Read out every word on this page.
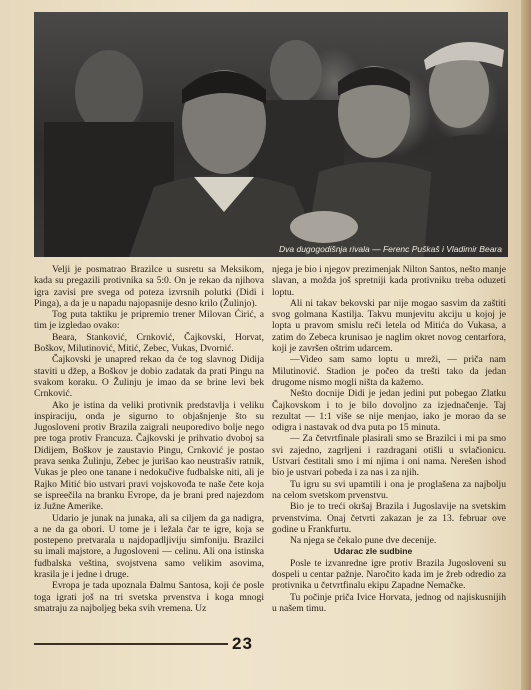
Dva dugogodišnja rivala — Ferenc Puškaš i Vladimir Beara

Velji je posmatrao Brazilce u susretu sa Meksikom, kada su pregazili protivnika sa 5:0. On je rekao da njihova igra zavisi pre svega od poteza izvrsnih polutki (Didi i Pinga), a da je u napadu najopasnije desno krilo (Žulinjo).

Tog puta taktiku je pripremio trener Milovan Ćirić, a tim je izgledao ovako:

Beara, Stanković, Crnković, Čajkovski, Horvat, Boškov, Milutinović, Mitić, Zebec, Vukas, Dvornić.

Čajkovski je unapred rekao da će tog slavnog Didija staviti u džep, a Boškov je dobio zadatak da prati Pingu na svakom koraku. O Žulinju je imao da se brine levi bek Crnković.

Ako je istina da veliki protivnik predstavlja i veliku inspiraciju, onda je sigurno to objašnjenje što su Jugosloveni protiv Brazila zaigrali neuporedivo bolje nego pre toga protiv Francuza. Čajkovski je prihvatio dvoboj sa Didijem, Boškov je zaustavio Pingu, Crnković je postao prava senka Žulinju, Zebec je jurišao kao neustrašiv ratnik, Vukas je pleo one tanane i nedokučive fudbalske niti, ali je Rajko Mitić bio ustvari pravi vojskovođa te naše čete koja se ispreečila na branku Evrope, da je brani pred najezdom iz Južne Amerike.

Udario je junak na junaka, ali sa ciljem da ga nadigra, a ne da ga obori. U tome je i ležala čar te igre, koja se postepeno pretvarala u najdopadljiviju simfoniju. Brazilci su imali majstore, a Jugosloveni — celinu. Ali ona istinska fudbalska veština, svojstvena samo velikim asovima, krasila je i jedne i druge.

Evropa je tada upoznala Đalmu Santosa, koji će posle toga igrati još na tri svetska prvenstva i koga mnogi smatraju za najboljeg beka svih vremena. Uz

njega je bio i njegov prezimenjak Nilton Santos, nešto manje slavan, a možda još spretniji kada protivniku treba oduzeti loptu.

Ali ni takav bekovski par nije mogao sasvim da zaštiti svog golmana Kastilja. Takvu munjevitu akciju u kojoj je lopta u pravom smislu reči letela od Mitića do Vukasa, a zatim do Zebeca krunisao je naglim okret novog centarfora, koji je završen oštrim udarcem.

—Video sam samo loptu u mreži, — priča nam Milutinović. Stadion je počeo da trešti tako da jedan drugome nismo mogli ništa da kažemo.

Nešto docnije Didi je jedan jedini put pobegao Zlatku Čajkovskom i to je bilo dovoljno za izjednačenje. Taj rezultat — 1:1 više se nije menjao, iako je morao da se odigra i nastavak od dva puta po 15 minuta.

— Za četvrtfinale plasirali smo se Brazilci i mi pa smo svi zajedno, zagrljeni i razdragani otišli u svlačionicu. Ustvari čestitali smo i mi njima i oni nama. Nerešen ishod bio je ustvari pobeda i za nas i za njih.

Tu igru su svi upamtili i ona je proglašena za najbolju na celom svetskom prvenstvu.

Bio je to treći okršaj Brazila i Jugoslavije na svetskim prvenstvima. Onaj četvrti zakazan je za 13. februar ove godine u Frankfurtu.

Na njega se čekalo pune dve decenije.

Udarac zle sudbine

Posle te izvanredne igre protiv Brazila Jugosloveni su dospeli u centar pažnje. Naročito kada im je žreb odredio za protivnika u četvrtfinalu ekipu Zapadne Nemačke.

Tu počinje priča Ivice Horvata, jednog od najiskusnijih u našem timu.

23
